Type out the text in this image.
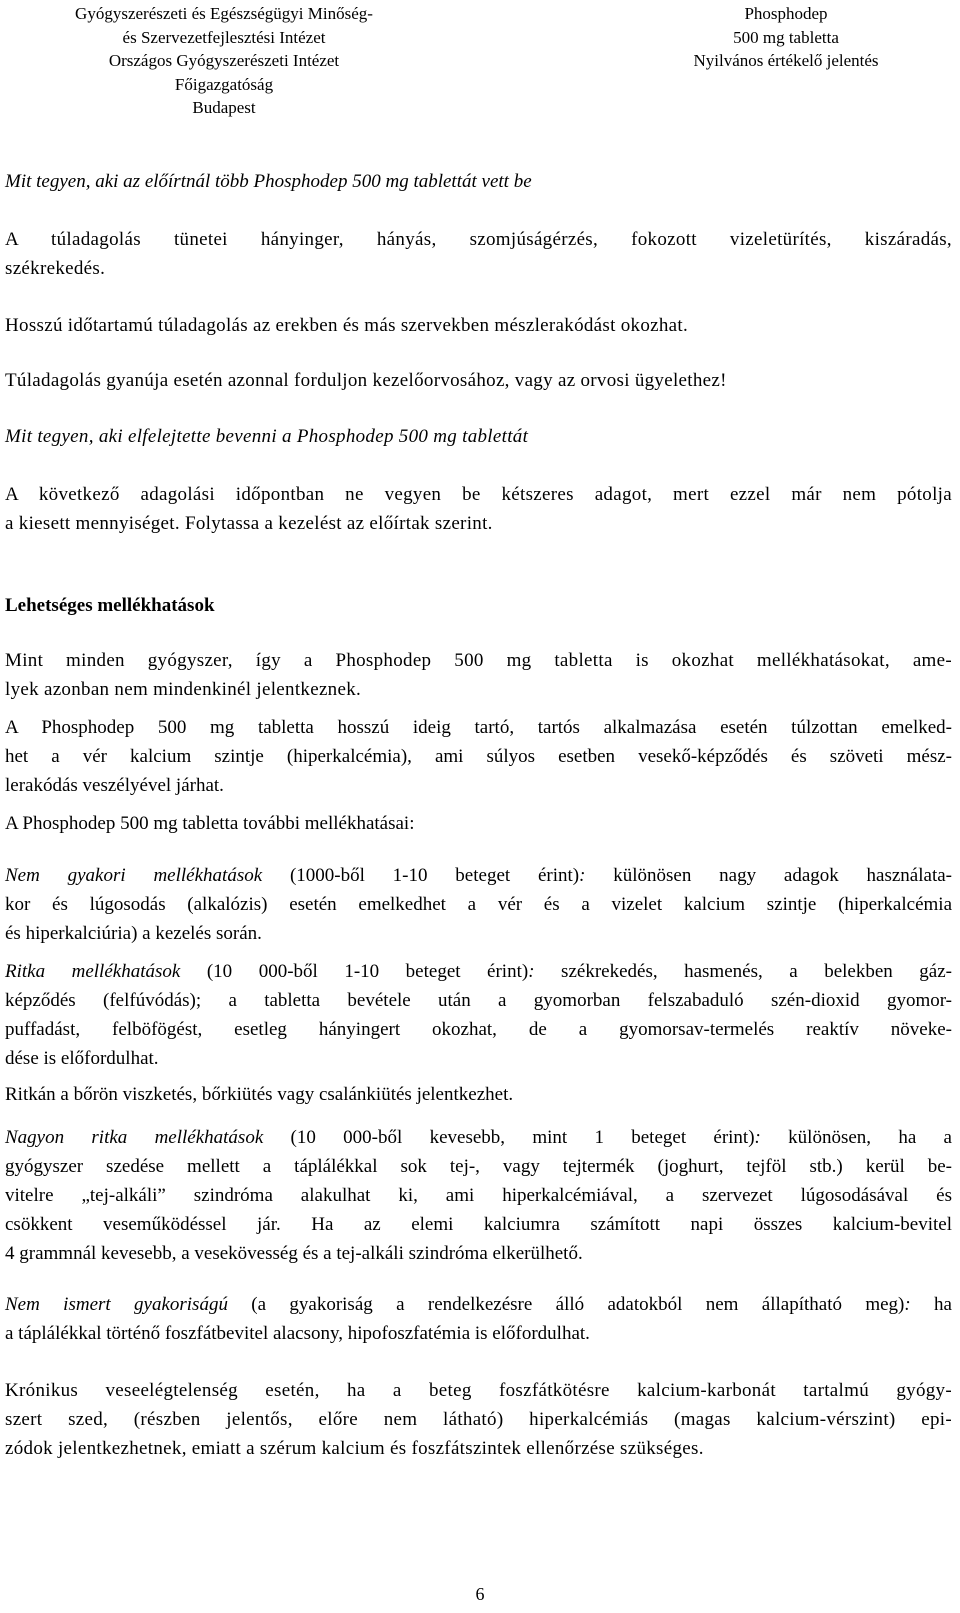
Gyógyszerészeti és Egészségügyi Minőség-
és Szervezetfejlesztési Intézet
Országos Gyógyszerészeti Intézet
Főigazgatóság
Budapest
Phosphodep
500 mg tabletta
Nyilvános értékelő jelentés
Mit tegyen, aki az előírtnál több Phosphodep 500 mg tablettát vett be
A túladagolás tünetei hányinger, hányás, szomjúságérzés, fokozott vizeletürítés, kiszáradás,
székrekedés.
Hosszú időtartamú túladagolás az erekben és más szervekben mészlerakódást okozhat.
Túladagolás gyanúja esetén azonnal forduljon kezelőorvosához, vagy az orvosi ügyelethez!
Mit tegyen, aki elfelejtette bevenni a Phosphodep 500 mg tablettát
A következő adagolási időpontban ne vegyen be kétszeres adagot, mert ezzel már nem pótolja
a kiesett mennyiséget. Folytassa a kezelést az előírtak szerint.
Lehetséges mellékhatások
Mint minden gyógyszer, így a Phosphodep 500 mg tabletta is okozhat mellékhatásokat, ame-
lyek azonban nem mindenkinél jelentkeznek.
A Phosphodep 500 mg tabletta hosszú ideig tartó, tartós alkalmazása esetén túlzottan emelked-
het a vér kalcium szintje (hiperkalcémia), ami súlyos esetben vesekő-képződés és szöveti mész-
lerakódás veszélyével járhat.
A Phosphodep 500 mg tabletta további mellékhatásai:
Nem gyakori mellékhatások (1000-ből 1-10 beteget érint): különösen nagy adagok használata-
kor és lúgosodás (alkalózis) esetén emelkedhet a vér és a vizelet kalcium szintje (hiperkalcémia
és hiperkalciúria) a kezelés során.
Ritka mellékhatások (10 000-ből 1-10 beteget érint): székrekedés, hasmenés, a belekben gáz-
képződés (felfúvódás); a tabletta bevétele után a gyomorban felszabaduló szén-dioxid gyomor-
puffadást, felböfögést, esetleg hányingert okozhat, de a gyomorsav-termelés reaktív növeke-
dése is előfordulhat.
Ritkán a bőrön viszketés, bőrkiütés vagy csalánkiütés jelentkezhet.
Nagyon ritka mellékhatások (10 000-ből kevesebb, mint 1 beteget érint): különösen, ha a
gyógyszer szedése mellett a táplálékkal sok tej-, vagy tejtermék (joghurt, tejföl stb.) kerül be-
vitelre „tej-alkáli” szindróma alakulhat ki, ami hiperkalcémiával, a szervezet lúgosodásával és
csökkent veseműködéssel jár. Ha az elemi kalciumra számított napi összes kalcium-bevitel
4 grammnál kevesebb, a vesekövesség és a tej-alkáli szindróma elkerülhető.
Nem ismert gyakoriságú (a gyakoriság a rendelkezésre álló adatokból nem állapítható meg): ha
a táplálékkal történő foszfátbevitel alacsony, hipofoszfatémia is előfordulhat.
Krónikus veseelégtelenség esetén, ha a beteg foszfátkötésre kalcium-karbonát tartalmú gyógy-
szert szed, (részben jelentős, előre nem látható) hiperkalcémiás (magas kalcium-vérszint) epi-
zódok jelentkezhetnek, emiatt a szérum kalcium és foszfátszintek ellenőrzése szükséges.
6
